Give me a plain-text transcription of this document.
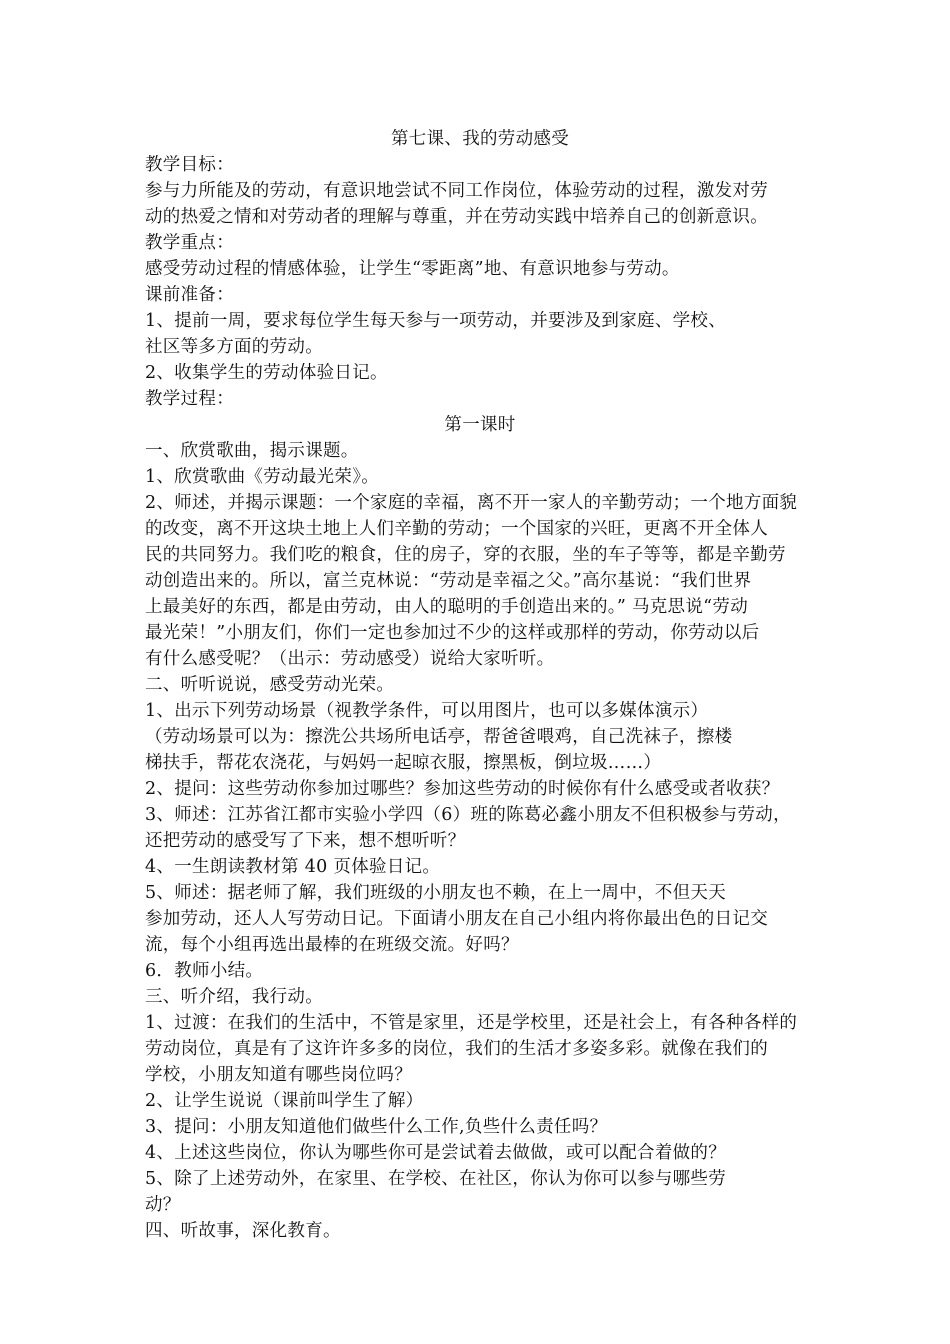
第七课、我的劳动感受
教学目标：
参与力所能及的劳动，有意识地尝试不同工作岗位，体验劳动的过程，激发对劳
动的热爱之情和对劳动者的理解与尊重，并在劳动实践中培养自己的创新意识。
教学重点：
感受劳动过程的情感体验，让学生“零距离”地、有意识地参与劳动。
课前准备：
1、提前一周，要求每位学生每天参与一项劳动，并要涉及到家庭、学校、
社区等多方面的劳动。
2、收集学生的劳动体验日记。
教学过程：
第一课时
一、欣赏歌曲，揭示课题。
1、欣赏歌曲《劳动最光荣》。
2、师述，并揭示课题：一个家庭的幸福，离不开一家人的辛勤劳动；一个地方面貌
的改变，离不开这块土地上人们辛勤的劳动；一个国家的兴旺，更离不开全体人
民的共同努力。我们吃的粮食，住的房子，穿的衣服，坐的车子等等，都是辛勤劳
动创造出来的。所以，富兰克林说：“劳动是幸福之父。”高尔基说：“我们世界
上最美好的东西，都是由劳动，由人的聪明的手创造出来的。” 马克思说“劳动
最光荣！”小朋友们，你们一定也参加过不少的这样或那样的劳动，你劳动以后
有什么感受呢？（出示：劳动感受）说给大家听听。
二、听听说说，感受劳动光荣。
1、出示下列劳动场景（视教学条件，可以用图片，也可以多媒体演示）
（劳动场景可以为：擦洗公共场所电话亭，帮爸爸喂鸡，自己洗袜子，擦楼
梯扶手，帮花农浇花，与妈妈一起晾衣服，擦黑板，倒垃圾……）
2、提问：这些劳动你参加过哪些？参加这些劳动的时候你有什么感受或者收获？
3、师述：江苏省江都市实验小学四（6）班的陈葛必鑫小朋友不但积极参与劳动，
还把劳动的感受写了下来，想不想听听？
4、一生朗读教材第 40 页体验日记。
5、师述：据老师了解，我们班级的小朋友也不赖，在上一周中，不但天天
参加劳动，还人人写劳动日记。下面请小朋友在自己小组内将你最出色的日记交
流，每个小组再选出最棒的在班级交流。好吗？
6．教师小结。
三、听介绍，我行动。
1、过渡：在我们的生活中，不管是家里，还是学校里，还是社会上，有各种各样的
劳动岗位，真是有了这许许多多的岗位，我们的生活才多姿多彩。就像在我们的
学校，小朋友知道有哪些岗位吗？
2、让学生说说（课前叫学生了解）
3、提问：小朋友知道他们做些什么工作,负些什么责任吗？
4、上述这些岗位，你认为哪些你可是尝试着去做做，或可以配合着做的？
5、除了上述劳动外，在家里、在学校、在社区，你认为你可以参与哪些劳
动？
四、听故事，深化教育。
